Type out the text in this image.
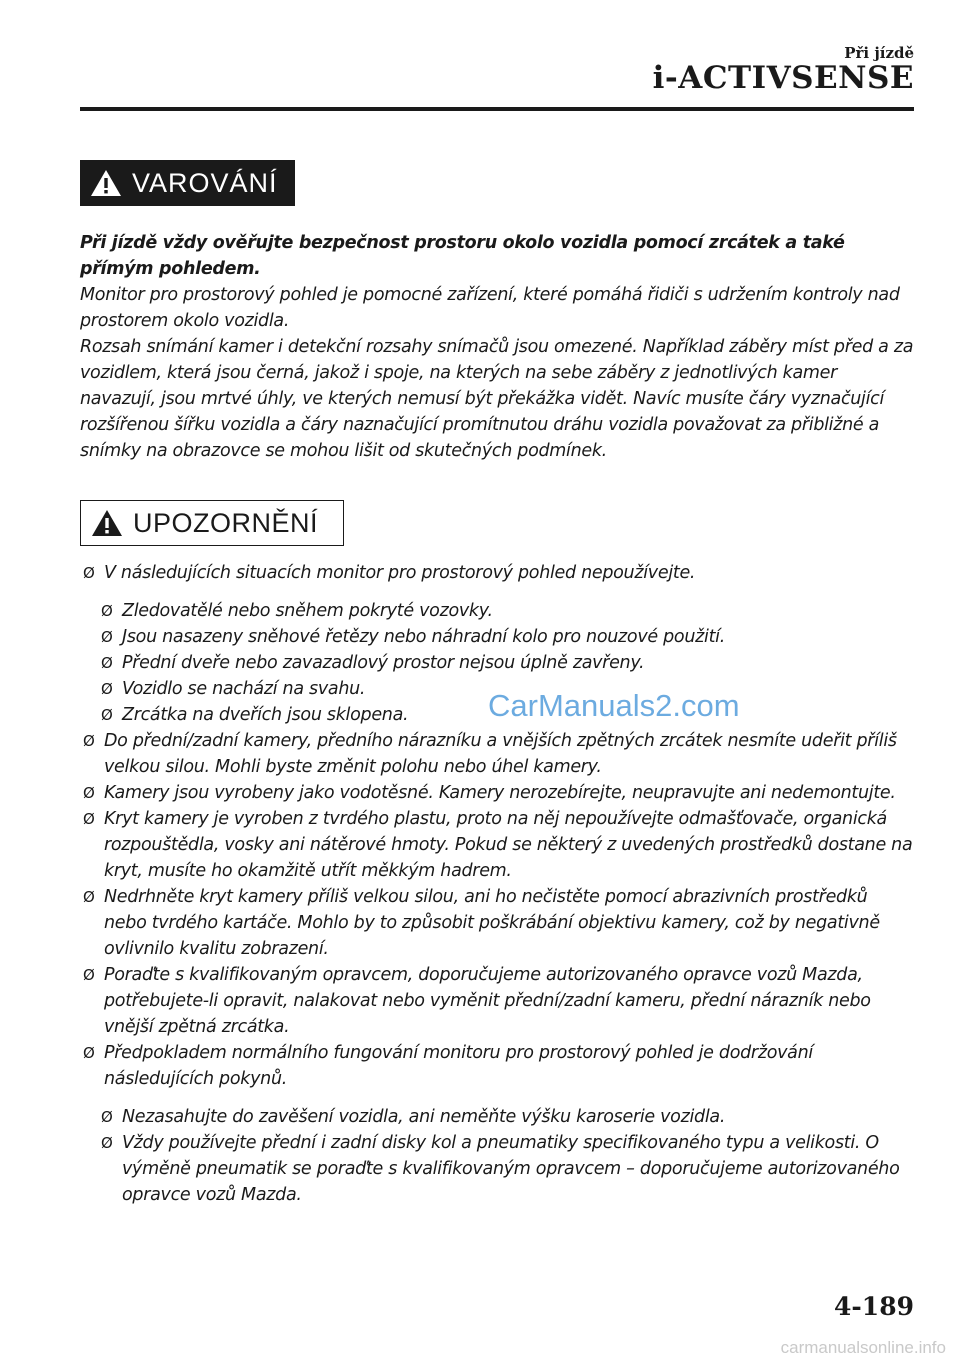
Při jízdě
i-ACTIVSENSE
VAROVÁNÍ

Při jízdě vždy ověřujte bezpečnost prostoru okolo vozidla pomocí zrcátek a také přímým pohledem.

Monitor pro prostorový pohled je pomocné zařízení, které pomáhá řidiči s udržením kontroly nad prostorem okolo vozidla.

Rozsah snímání kamer i detekční rozsahy snímačů jsou omezené. Například záběry míst před a za vozidlem, která jsou černá, jakož i spoje, na kterých na sebe záběry z jednotlivých kamer navazují, jsou mrtvé úhly, ve kterých nemusí být překážka vidět. Navíc musíte čáry vyznačující rozšířenou šířku vozidla a čáry naznačující promítnutou dráhu vozidla považovat za přibližné a snímky na obrazovce se mohou lišit od skutečných podmínek.

UPOZORNĚNÍ

Ø V následujících situacích monitor pro prostorový pohled nepoužívejte.

Ø Zledovatělé nebo sněhem pokryté vozovky.

Ø Jsou nasazeny sněhové řetězy nebo náhradní kolo pro nouzové použití.

Ø Přední dveře nebo zavazadlový prostor nejsou úplně zavřeny.

Ø Vozidlo se nachází na svahu.

Ø Zrcátka na dveřích jsou sklopena.

Ø Do přední/zadní kamery, předního nárazníku a vnějších zpětných zrcátek nesmíte udeřit příliš velkou silou. Mohli byste změnit polohu nebo úhel kamery.

Ø Kamery jsou vyrobeny jako vodotěsné. Kamery nerozebírejte, neupravujte ani nedemontujte.

Ø Kryt kamery je vyroben z tvrdého plastu, proto na něj nepoužívejte odmašťovače, organická rozpouštědla, vosky ani nátěrové hmoty. Pokud se některý z uvedených prostředků dostane na kryt, musíte ho okamžitě utřít měkkým hadrem.

Ø Nedrhněte kryt kamery příliš velkou silou, ani ho nečistěte pomocí abrazivních prostředků nebo tvrdého kartáče. Mohlo by to způsobit poškrábání objektivu kamery, což by negativně ovlivnilo kvalitu zobrazení.

Ø Poraďte s kvalifikovaným opravcem, doporučujeme autorizovaného opravce vozů Mazda, potřebujete-li opravit, nalakovat nebo vyměnit přední/zadní kameru, přední nárazník nebo vnější zpětná zrcátka.

Ø Předpokladem normálního fungování monitoru pro prostorový pohled je dodržování následujících pokynů.

Ø Nezasahujte do zavěšení vozidla, ani neměňte výšku karoserie vozidla.

Ø Vždy používejte přední i zadní disky kol a pneumatiky specifikovaného typu a velikosti. O výměně pneumatik se poraďte s kvalifikovaným opravcem – doporučujeme autorizovaného opravce vozů Mazda.

CarManuals2.com
4-189
carmanualsonline.info
